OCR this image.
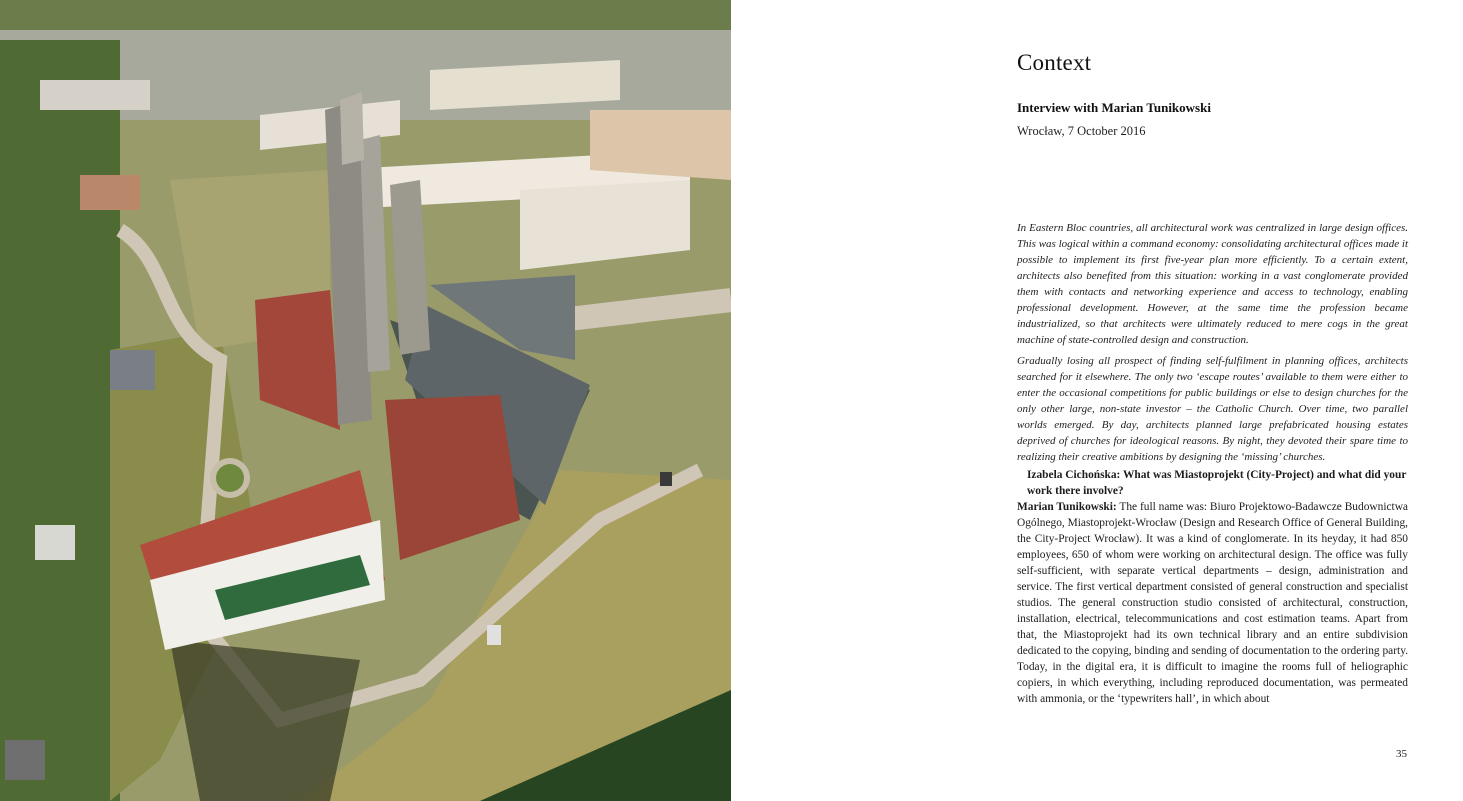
Context
Interview with Marian Tunikowski
Wrocław, 7 October 2016

In Eastern Bloc countries, all architectural work was centralized in large design offices. This was logical within a command economy: consolidating architectural offices made it possible to implement its first five-year plan more efficiently. To a certain extent, architects also benefited from this situation: working in a vast conglomerate provided them with contacts and networking experience and access to technology, enabling professional development. However, at the same time the profession became industrialized, so that architects were ultimately reduced to mere cogs in the great machine of state-controlled design and construction.

Gradually losing all prospect of finding self-fulfilment in planning offices, architects searched for it elsewhere. The only two ‘escape routes’ available to them were either to enter the occasional competitions for public buildings or else to design churches for the only other large, non-state investor – the Catholic Church. Over time, two parallel worlds emerged. By day, architects planned large prefabricated housing estates deprived of churches for ideological reasons. By night, they devoted their spare time to realizing their creative ambitions by designing the ‘missing’ churches.

Izabela Cichońska: What was Miastoprojekt (City-Project) and what did your work there involve?

Marian Tunikowski: The full name was: Biuro Projektowo-Badawcze Budownictwa Ogólnego, Miastoprojekt-Wrocław (Design and Research Office of General Building, the City-Project Wrocław). It was a kind of conglomerate. In its heyday, it had 850 employees, 650 of whom were working on architectural design. The office was fully self-sufficient, with separate vertical departments – design, administration and service. The first vertical department consisted of general construction and specialist studios. The general construction studio consisted of architectural, construction, installation, electrical, telecommunications and cost estimation teams. Apart from that, the Miastoprojekt had its own technical library and an entire subdivision dedicated to the copying, binding and sending of documentation to the ordering party. Today, in the digital era, it is difficult to imagine the rooms full of heliographic copiers, in which everything, including reproduced documentation, was permeated with ammonia, or the ‘typewriters hall’, in which about

35
